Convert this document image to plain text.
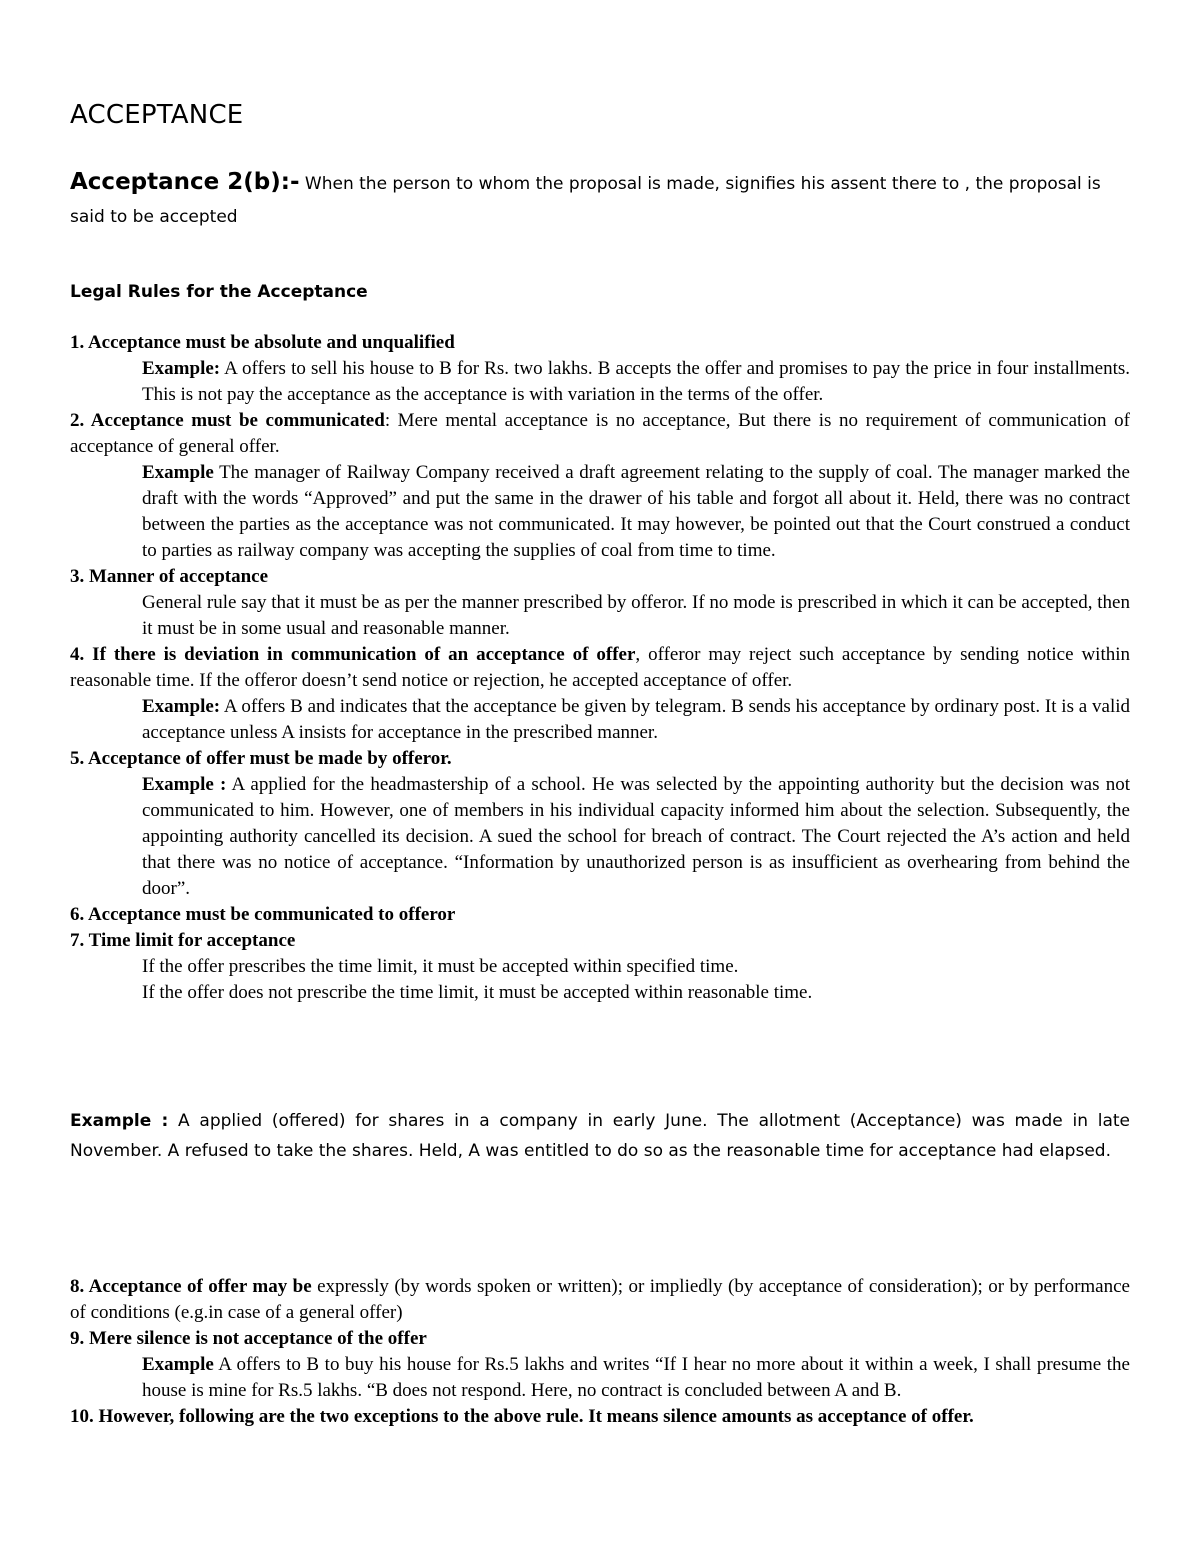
ACCEPTANCE
Acceptance 2(b):- When the person to whom the proposal is made, signifies his assent there to , the proposal is said to be accepted
Legal Rules for the Acceptance

1. Acceptance must be absolute and unqualified

Example: A offers to sell his house to B for Rs. two lakhs. B accepts the offer and promises to pay the price in four installments. This is not pay the acceptance as the acceptance is with variation in the terms of the offer.

2. Acceptance must be communicated: Mere mental acceptance is no acceptance, But there is no requirement of communication of acceptance of general offer.

Example The manager of Railway Company received a draft agreement relating to the supply of coal. The manager marked the draft with the words “Approved” and put the same in the drawer of his table and forgot all about it. Held, there was no contract between the parties as the acceptance was not communicated. It may however, be pointed out that the Court construed a conduct to parties as railway company was accepting the supplies of coal from time to time.

3. Manner of acceptance

General rule say that it must be as per the manner prescribed by offeror. If no mode is prescribed in which it can be accepted, then it must be in some usual and reasonable manner.

4. If there is deviation in communication of an acceptance of offer, offeror may reject such acceptance by sending notice within reasonable time. If the offeror doesn’t send notice or rejection, he accepted acceptance of offer.

Example: A offers B and indicates that the acceptance be given by telegram. B sends his acceptance by ordinary post. It is a valid acceptance unless A insists for acceptance in the prescribed manner.

5. Acceptance of offer must be made by offeror.

Example : A applied for the headmastership of a school. He was selected by the appointing authority but the decision was not communicated to him. However, one of members in his individual capacity informed him about the selection. Subsequently, the appointing authority cancelled its decision. A sued the school for breach of contract. The Court rejected the A’s action and held that there was no notice of acceptance. “Information by unauthorized person is as insufficient as overhearing from behind the door”.

6. Acceptance must be communicated to offeror

7. Time limit for acceptance

If the offer prescribes the time limit, it must be accepted within specified time.

If the offer does not prescribe the time limit, it must be accepted within reasonable time.

Example : A applied (offered) for shares in a company in early June. The allotment (Acceptance) was made in late November. A refused to take the shares. Held, A was entitled to do so as the reasonable time for acceptance had elapsed.

8. Acceptance of offer may be expressly (by words spoken or written); or impliedly (by acceptance of consideration); or by performance of conditions (e.g.in case of a general offer)

9. Mere silence is not acceptance of the offer

Example A offers to B to buy his house for Rs.5 lakhs and writes “If I hear no more about it within a week, I shall presume the house is mine for Rs.5 lakhs. “B does not respond. Here, no contract is concluded between A and B.

10. However, following are the two exceptions to the above rule. It means silence amounts as acceptance of offer.
